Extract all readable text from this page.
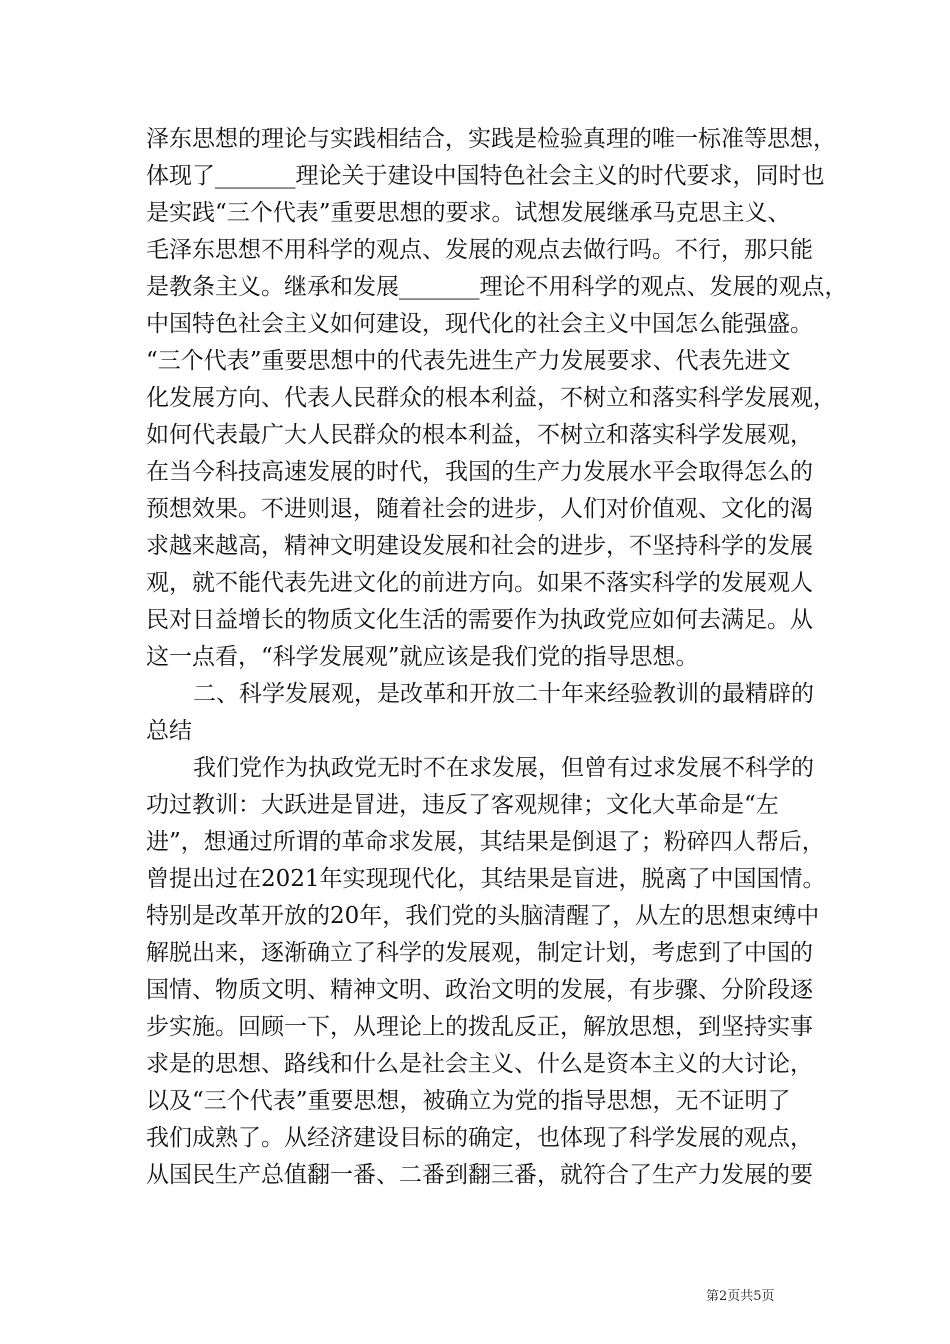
泽东思想的理论与实践相结合，实践是检验真理的唯一标准等思想，
体现了_______理论关于建设中国特色社会主义的时代要求，同时也
是实践“三个代表”重要思想的要求。试想发展继承马克思主义、
毛泽东思想不用科学的观点、发展的观点去做行吗。不行，那只能
是教条主义。继承和发展_______理论不用科学的观点、发展的观点，
中国特色社会主义如何建设，现代化的社会主义中国怎么能强盛。
“三个代表”重要思想中的代表先进生产力发展要求、代表先进文
化发展方向、代表人民群众的根本利益，不树立和落实科学发展观，
如何代表最广大人民群众的根本利益，不树立和落实科学发展观，
在当今科技高速发展的时代，我国的生产力发展水平会取得怎么的
预想效果。不进则退，随着社会的进步，人们对价值观、文化的渴
求越来越高，精神文明建设发展和社会的进步，不坚持科学的发展
观，就不能代表先进文化的前进方向。如果不落实科学的发展观人
民对日益增长的物质文化生活的需要作为执政党应如何去满足。从
这一点看，“科学发展观”就应该是我们党的指导思想。
二、科学发展观，是改革和开放二十年来经验教训的最精辟的
总结
我们党作为执政党无时不在求发展，但曾有过求发展不科学的
功过教训：大跃进是冒进，违反了客观规律；文化大革命是“左
进”，想通过所谓的革命求发展，其结果是倒退了；粉碎四人帮后，
曾提出过在2021年实现现代化，其结果是盲进，脱离了中国国情。
特别是改革开放的20年，我们党的头脑清醒了，从左的思想束缚中
解脱出来，逐渐确立了科学的发展观，制定计划，考虑到了中国的
国情、物质文明、精神文明、政治文明的发展，有步骤、分阶段逐
步实施。回顾一下，从理论上的拨乱反正，解放思想，到坚持实事
求是的思想、路线和什么是社会主义、什么是资本主义的大讨论，
以及“三个代表”重要思想，被确立为党的指导思想，无不证明了
我们成熟了。从经济建设目标的确定，也体现了科学发展的观点，
从国民生产总值翻一番、二番到翻三番，就符合了生产力发展的要
第2页共5页
